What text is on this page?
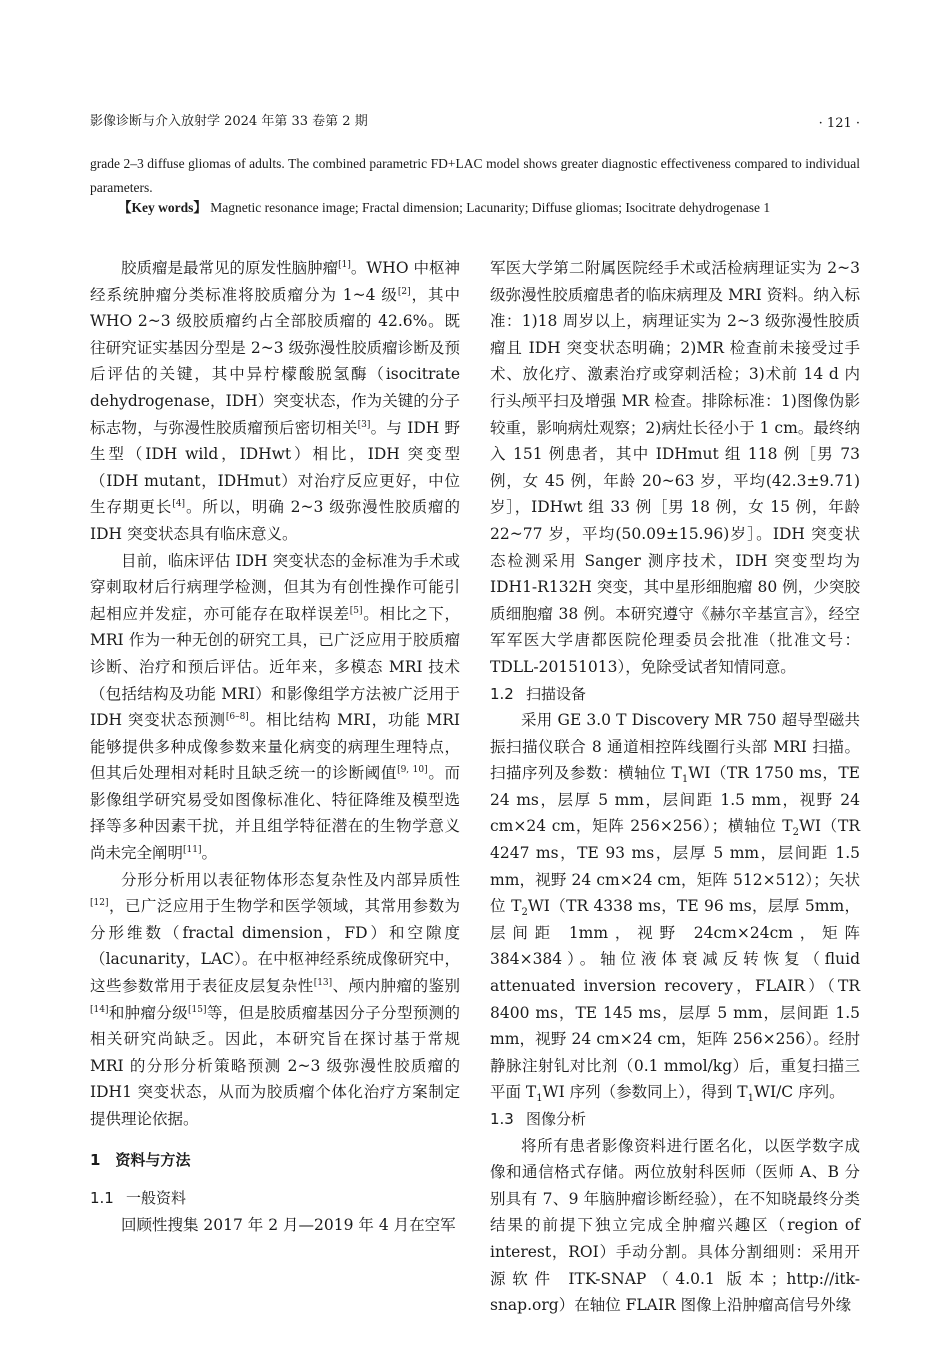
影像诊断与介入放射学 2024 年第 33 卷第 2 期	· 121 ·
grade 2–3 diffuse gliomas of adults. The combined parametric FD+LAC model shows greater diagnostic effectiveness compared to individual parameters.
【Key words】 Magnetic resonance image; Fractal dimension; Lacunarity; Diffuse gliomas; Isocitrate dehydrogenase 1

胶质瘤是最常见的原发性脑肿瘤[1]。WHO 中枢神经系统肿瘤分类标准将胶质瘤分为 1~4 级[2]，其中 WHO 2~3 级胶质瘤约占全部胶质瘤的 42.6%。既往研究证实基因分型是 2~3 级弥漫性胶质瘤诊断及预后评估的关键，其中异柠檬酸脱氢酶（isocitrate dehydrogenase，IDH）突变状态，作为关键的分子标志物，与弥漫性胶质瘤预后密切相关[3]。与 IDH 野生型（IDH wild，IDHwt）相比，IDH 突变型（IDH mutant，IDHmut）对治疗反应更好，中位生存期更长[4]。所以，明确 2~3 级弥漫性胶质瘤的 IDH 突变状态具有临床意义。

目前，临床评估 IDH 突变状态的金标准为手术或穿刺取材后行病理学检测，但其为有创性操作可能引起相应并发症，亦可能存在取样误差[5]。相比之下，MRI 作为一种无创的研究工具，已广泛应用于胶质瘤诊断、治疗和预后评估。近年来，多模态 MRI 技术（包括结构及功能 MRI）和影像组学方法被广泛用于 IDH 突变状态预测[6–8]。相比结构 MRI，功能 MRI 能够提供多种成像参数来量化病变的病理生理特点，但其后处理相对耗时且缺乏统一的诊断阈值[9, 10]。而影像组学研究易受如图像标准化、特征降维及模型选择等多种因素干扰，并且组学特征潜在的生物学意义尚未完全阐明[11]。

分形分析用以表征物体形态复杂性及内部异质性[12]，已广泛应用于生物学和医学领域，其常用参数为分形维数（fractal dimension，FD）和空隙度（lacunarity，LAC）。在中枢神经系统成像研究中，这些参数常用于表征皮层复杂性[13]、颅内肿瘤的鉴别[14]和肿瘤分级[15]等，但是胶质瘤基因分子分型预测的相关研究尚缺乏。因此，本研究旨在探讨基于常规 MRI 的分形分析策略预测 2~3 级弥漫性胶质瘤的 IDH1 突变状态，从而为胶质瘤个体化治疗方案制定提供理论依据。

1　资料与方法
1.1 一般资料

回顾性搜集 2017 年 2 月—2019 年 4 月在空军

军医大学第二附属医院经手术或活检病理证实为 2~3 级弥漫性胶质瘤患者的临床病理及 MRI 资料。纳入标准：1)18 周岁以上，病理证实为 2~3 级弥漫性胶质瘤且 IDH 突变状态明确；2)MR 检查前未接受过手术、放化疗、激素治疗或穿刺活检；3)术前 14 d 内行头颅平扫及增强 MR 检查。排除标准：1)图像伪影较重，影响病灶观察；2)病灶长径小于 1 cm。最终纳入 151 例患者，其中 IDHmut 组 118 例［男 73 例，女 45 例，年龄 20~63 岁，平均(42.3±9.71)岁］，IDHwt 组 33 例［男 18 例，女 15 例，年龄 22~77 岁，平均(50.09±15.96)岁］。IDH 突变状态检测采用 Sanger 测序技术，IDH 突变型均为 IDH1-R132H 突变，其中星形细胞瘤 80 例，少突胶质细胞瘤 38 例。本研究遵守《赫尔辛基宣言》，经空军军医大学唐都医院伦理委员会批准（批准文号：TDLL-20151013），免除受试者知情同意。

1.2 扫描设备

采用 GE 3.0 T Discovery MR 750 超导型磁共振扫描仪联合 8 通道相控阵线圈行头部 MRI 扫描。扫描序列及参数：横轴位 $T_1WI(TR$ 1750 ms，TE 24 ms，层厚 5 mm，层间距 1.5 mm，视野 24 cm×24 cm，矩阵 256×256）；横轴位 $T_2WI(TR$ 4247 ms，TE 93 ms，层厚 5 mm，层间距 1.5 mm，视野 24 cm×24 cm，矩阵 512×512）；矢状位 $T_2WI(TR$ 4338 ms，TE 96 ms，层厚 5mm，层间距 1mm，视野 24cm×24cm，矩阵 384×384）。轴位液体衰减反转恢复（fluid attenuated inversion recovery，FLAIR）（TR 8400 ms，TE 145 ms，层厚 5 mm，层间距 1.5 mm，视野 24 cm×24 cm，矩阵 256×256）。经肘静脉注射钆对比剂（0.1 mmol/kg）后，重复扫描三平面 $T_1WI$ 序列（参数同上），得到 $T_1WI/C$ 序列。

1.3 图像分析

将所有患者影像资料进行匿名化，以医学数字成像和通信格式存储。两位放射科医师（医师 A、B 分别具有 7、9 年脑肿瘤诊断经验），在不知晓最终分类结果的前提下独立完成全肿瘤兴趣区（region of interest，ROI）手动分割。具体分割细则：采用开源软件 ITK-SNAP（4.0.1 版本；http://itk-snap.org）在轴位 FLAIR 图像上沿肿瘤高信号外缘
